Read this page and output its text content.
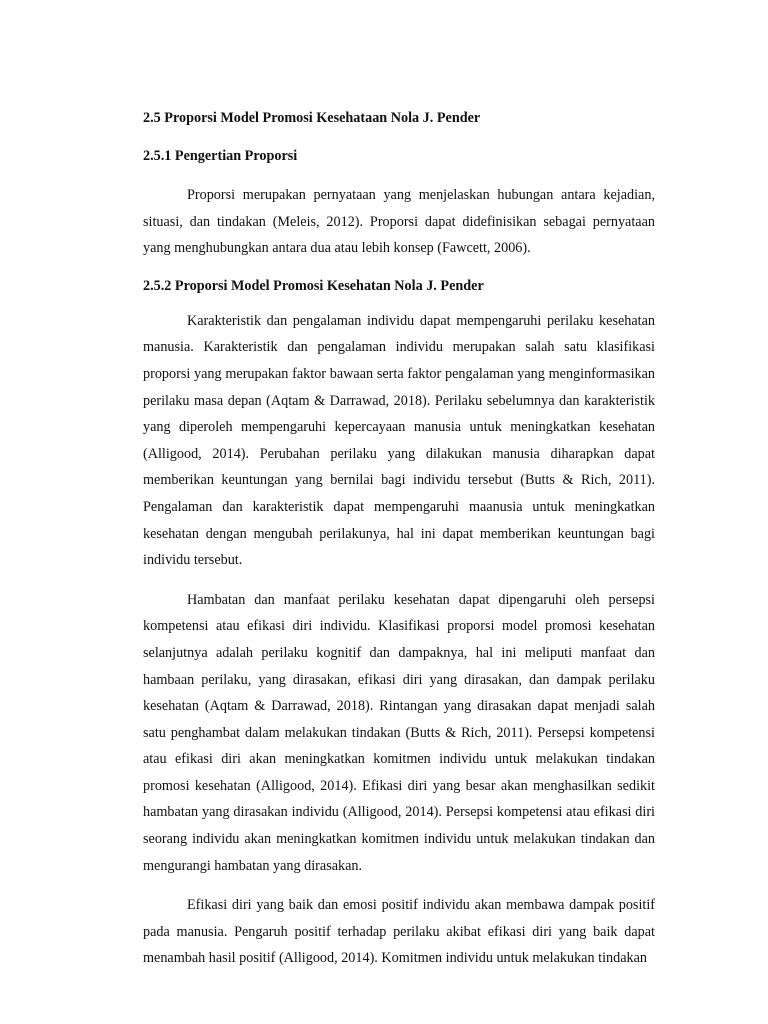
2.5 Proporsi Model Promosi Kesehataan Nola J. Pender
2.5.1 Pengertian Proporsi

Proporsi merupakan pernyataan yang menjelaskan hubungan antara kejadian, situasi, dan tindakan (Meleis, 2012). Proporsi dapat didefinisikan sebagai pernyataan yang menghubungkan antara dua atau lebih konsep (Fawcett, 2006).

2.5.2 Proporsi Model Promosi Kesehatan Nola J. Pender

Karakteristik dan pengalaman individu dapat mempengaruhi perilaku kesehatan manusia. Karakteristik dan pengalaman individu merupakan salah satu klasifikasi proporsi yang merupakan faktor bawaan serta faktor pengalaman yang menginformasikan perilaku masa depan (Aqtam & Darrawad, 2018). Perilaku sebelumnya dan karakteristik yang diperoleh mempengaruhi kepercayaan manusia untuk meningkatkan kesehatan (Alligood, 2014). Perubahan perilaku yang dilakukan manusia diharapkan dapat memberikan keuntungan yang bernilai bagi individu tersebut (Butts & Rich, 2011). Pengalaman dan karakteristik dapat mempengaruhi maanusia untuk meningkatkan kesehatan dengan mengubah perilakunya, hal ini dapat memberikan keuntungan bagi individu tersebut.

Hambatan dan manfaat perilaku kesehatan dapat dipengaruhi oleh persepsi kompetensi atau efikasi diri individu. Klasifikasi proporsi model promosi kesehatan selanjutnya adalah perilaku kognitif dan dampaknya, hal ini meliputi manfaat dan hambaan perilaku, yang dirasakan, efikasi diri yang dirasakan, dan dampak perilaku kesehatan (Aqtam & Darrawad, 2018). Rintangan yang dirasakan dapat menjadi salah satu penghambat dalam melakukan tindakan (Butts & Rich, 2011). Persepsi kompetensi atau efikasi diri akan meningkatkan komitmen individu untuk melakukan tindakan promosi kesehatan (Alligood, 2014). Efikasi diri yang besar akan menghasilkan sedikit hambatan yang dirasakan individu (Alligood, 2014). Persepsi kompetensi atau efikasi diri seorang individu akan meningkatkan komitmen individu untuk melakukan tindakan dan mengurangi hambatan yang dirasakan.

Efikasi diri yang baik dan emosi positif individu akan membawa dampak positif pada manusia. Pengaruh positif terhadap perilaku akibat efikasi diri yang baik dapat menambah hasil positif (Alligood, 2014). Komitmen individu untuk melakukan tindakan
